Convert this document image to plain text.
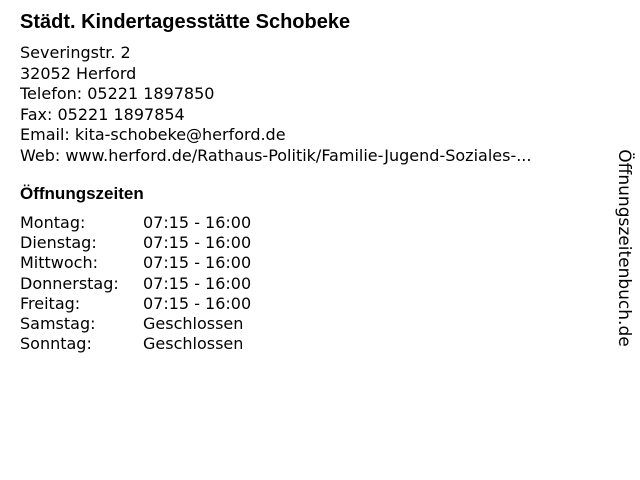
Städt. Kindertagesstätte Schobeke
Severingstr. 2
32052 Herford
Telefon: 05221 1897850
Fax: 05221 1897854
Email: kita-schobeke@herford.de
Web: www.herford.de/Rathaus-Politik/Familie-Jugend-Soziales-...
Öffnungszeiten
Montag:	07:15 - 16:00
Dienstag:	07:15 - 16:00
Mittwoch:	07:15 - 16:00
Donnerstag:	07:15 - 16:00
Freitag:	07:15 - 16:00
Samstag:	Geschlossen
Sonntag:	Geschlossen	Öffnungszeitenbuch.de
